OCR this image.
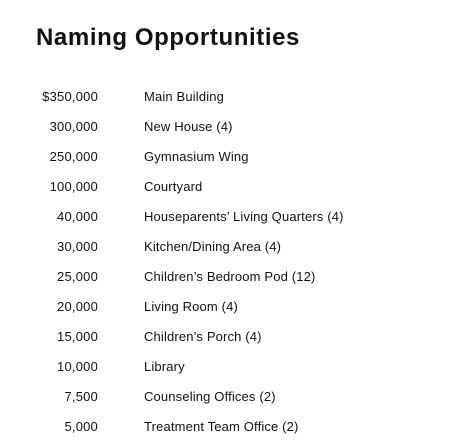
Naming Opportunities
$350,000	Main Building
300,000	New House (4)
250,000	Gymnasium Wing
100,000	Courtyard
40,000	Houseparents’ Living Quarters (4)
30,000	Kitchen/Dining Area (4)
25,000	Children’s Bedroom Pod (12)
20,000	Living Room (4)
15,000	Children’s Porch (4)
10,000	Library
7,500	Counseling Offices (2)
5,000	Treatment Team Office (2)
